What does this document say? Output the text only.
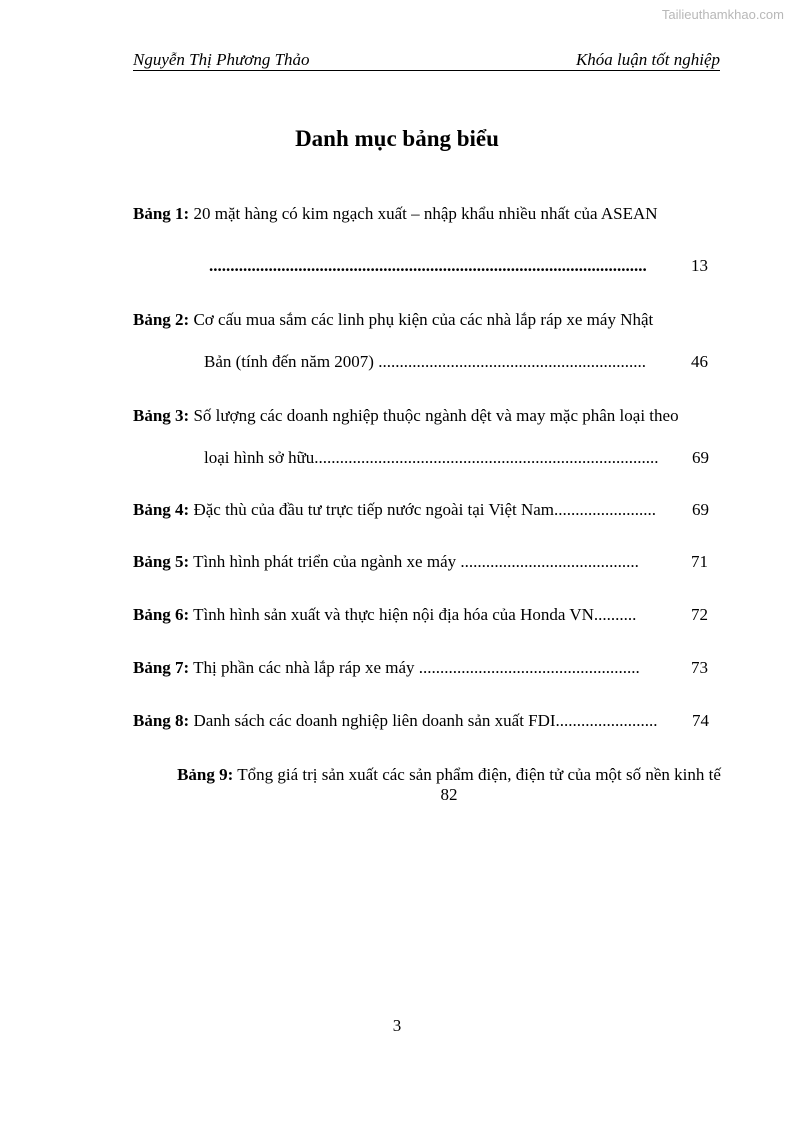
Tailieuthamkhao.com
Nguyễn Thị Phương Thảo	Khóa luận tốt nghiệp
Danh mục bảng biểu
Bảng 1: 20 mặt hàng có kim ngạch xuất – nhập khẩu nhiều nhất của ASEAN
.......................................................................................................	13
Bảng 2: Cơ cấu mua sắm các linh phụ kiện của các nhà lắp ráp xe máy Nhật
Bản (tính đến năm 2007) ...............................................................	46
Bảng 3: Số lượng các doanh nghiệp thuộc ngành dệt và may mặc phân loại theo
loại hình sở hữu.................................................................................	69
Bảng 4: Đặc thù của đầu tư trực tiếp nước ngoài tại Việt Nam........................	69
Bảng 5: Tình hình phát triển của ngành xe máy ..........................................	71
Bảng 6: Tình hình sản xuất và thực hiện nội địa hóa của Honda VN..........	72
Bảng 7: Thị phần các nhà lắp ráp xe máy ....................................................	73
Bảng 8: Danh sách các doanh nghiệp liên doanh sản xuất FDI........................	74
Bảng 9: Tổng giá trị sản xuất các sản phẩm điện, điện tử của một số nền kinh tế
82
3
